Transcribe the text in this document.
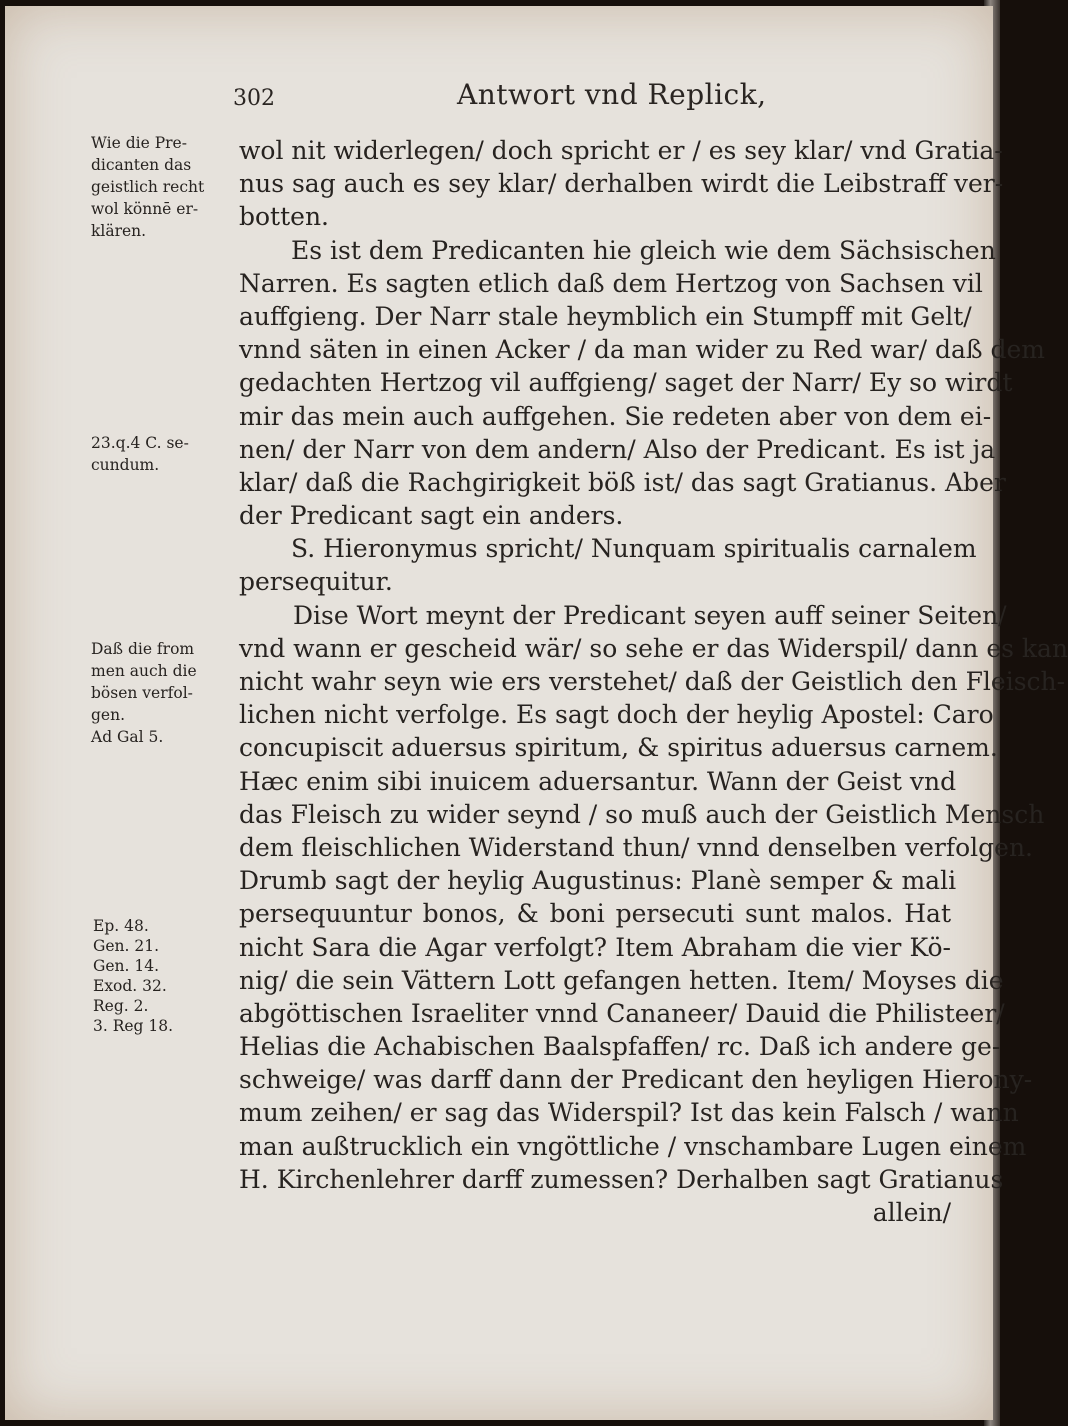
302	Antwort vnd Replick,
Wie die Pre-
dicanten das
geistlich recht
wol könnē er-
klären.
23.q.4 C. se-
cundum.
Daß die from
men auch die
bösen verfol-
gen.
Ad Gal 5.
Ep. 48.
Gen. 21.
Gen. 14.
Exod. 32.
Reg. 2.
3. Reg 18.
wol nit widerlegen/ doch spricht er / es sey klar/ vnd Gratia-
nus sag auch es sey klar/ derhalben wirdt die Leibstraff ver-
botten.
Es ist dem Predicanten hie gleich wie dem Sächsischen
Narren. Es sagten etlich daß dem Hertzog von Sachsen vil
auffgieng. Der Narr stale heymblich ein Stumpff mit Gelt/
vnnd säten in einen Acker / da man wider zu Red war/ daß dem
gedachten Hertzog vil auffgieng/ saget der Narr/ Ey so wirdt
mir das mein auch auffgehen. Sie redeten aber von dem ei-
nen/ der Narr von dem andern/ Also der Predicant. Es ist ja
klar/ daß die Rachgirigkeit böß ist/ das sagt Gratianus. Aber
der Predicant sagt ein anders.
S. Hieronymus spricht/ Nunquam spiritualis carnalem
persequitur.
Dise Wort meynt der Predicant seyen auff seiner Seiten/
vnd wann er gescheid wär/ so sehe er das Widerspil/ dann es kan
nicht wahr seyn wie ers verstehet/ daß der Geistlich den Fleisch-
lichen nicht verfolge. Es sagt doch der heylig Apostel: Caro
concupiscit aduersus spiritum, & spiritus aduersus carnem.
Hæc enim sibi inuicem aduersantur. Wann der Geist vnd
das Fleisch zu wider seynd / so muß auch der Geistlich Mensch
dem fleischlichen Widerstand thun/ vnnd denselben verfolgen.
Drumb sagt der heylig Augustinus: Planè semper & mali
persequuntur bonos, & boni persecuti sunt malos. Hat
nicht Sara die Agar verfolgt? Item Abraham die vier Kö-
nig/ die sein Vättern Lott gefangen hetten. Item/ Moyses die
abgöttischen Israeliter vnnd Cananeer/ Dauid die Philisteer/
Helias die Achabischen Baalspfaffen/ rc. Daß ich andere ge-
schweige/ was darff dann der Predicant den heyligen Hierony-
mum zeihen/ er sag das Widerspil? Ist das kein Falsch / wann
man außtrucklich ein vngöttliche / vnschambare Lugen einem
H. Kirchenlehrer darff zumessen? Derhalben sagt Gratianus
allein/
